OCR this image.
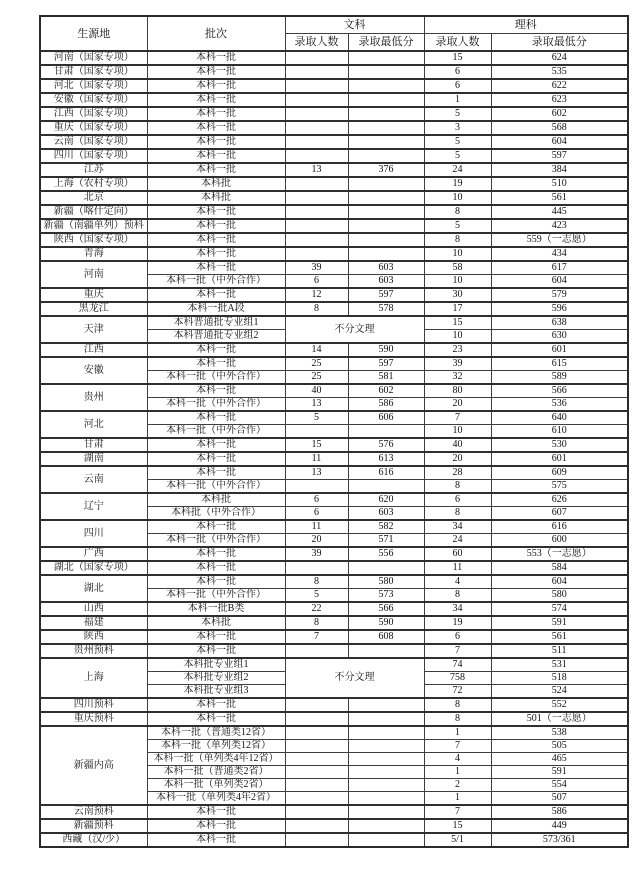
生源地	批次	文科		理科	
		录取人数	录取最低分	录取人数	录取最低分
河南（国家专项）	本科一批			15	624
甘肃（国家专项）	本科一批			6	535
河北（国家专项）	本科一批			6	622
安徽（国家专项）	本科一批			1	623
江西（国家专项）	本科一批			5	602
重庆（国家专项）	本科一批			3	568
云南（国家专项）	本科一批			5	604
四川（国家专项）	本科一批			5	597
江苏	本科一批	13	376	24	384
上海（农村专项）	本科批			19	510
北京	本科批			10	561
新疆（喀什定向）	本科一批			8	445
新疆（南疆单列）预科	本科一批			5	423
陕西（国家专项）	本科一批			8	559（一志愿）
青海	本科一批			10	434
河南	本科一批	39	603	58	617
	本科一批（中外合作）	6	603	10	604
重庆	本科一批	12	597	30	579
黑龙江	本科一批A段	8	578	17	596
天津	本科普通批专业组1	不分文理		15	638
	本科普通批专业组2			10	630
江西	本科一批	14	590	23	601
安徽	本科一批	25	597	39	615
	本科一批（中外合作）	25	581	32	589
贵州	本科一批	40	602	80	566
	本科一批（中外合作）	13	586	20	536
河北	本科一批	5	606	7	640
	本科一批（中外合作）			10	610
甘肃	本科一批	15	576	40	530
湖南	本科一批	11	613	20	601
云南	本科一批	13	616	28	609
	本科一批（中外合作）			8	575
辽宁	本科批	6	620	6	626
	本科批（中外合作）	6	603	8	607
四川	本科一批	11	582	34	616
	本科一批（中外合作）	20	571	24	600
广西	本科一批	39	556	60	553（一志愿）
湖北（国家专项）	本科一批			11	584
湖北	本科一批	8	580	4	604
	本科一批（中外合作）	5	573	8	580
山西	本科一批B类	22	566	34	574
福建	本科批	8	590	19	591
陕西	本科一批	7	608	6	561
贵州预科	本科一批			7	511
上海	本科批专业组1	不分文理		74	531
	本科批专业组2			758	518
	本科批专业组3			72	524
四川预科	本科一批			8	552
重庆预科	本科一批			8	501（一志愿）
新疆内高	本科一批（普通类12省）			1	538
	本科一批（单列类12省）			7	505
	本科一批（单列类4年12省）			4	465
	本科一批（普通类2省）			1	591
	本科一批（单列类2省）			2	554
	本科一批（单列类4年2省）			1	507
云南预科	本科一批			7	586
新疆预科	本科一批			15	449
西藏（汉/少）	本科一批			5/1	573/361
